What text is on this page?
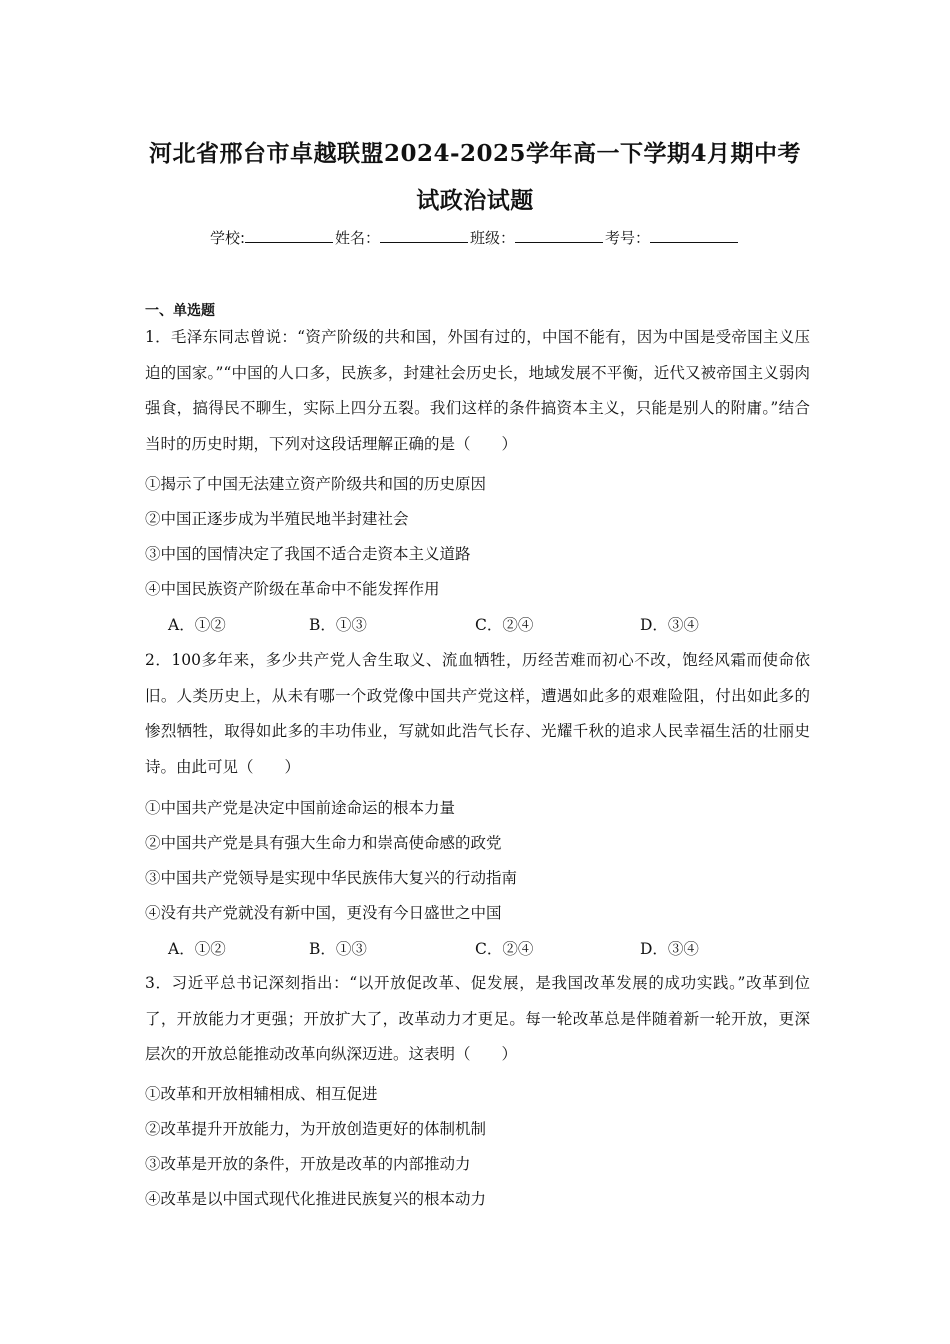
河北省邢台市卓越联盟2024-2025学年高一下学期4月期中考
试政治试题
学校:	姓名：	班级：	考号：
一、单选题
1．毛泽东同志曾说：“资产阶级的共和国，外国有过的，中国不能有，因为中国是受帝国主义压迫的国家。”“中国的人口多，民族多，封建社会历史长，地域发展不平衡，近代又被帝国主义弱肉强食，搞得民不聊生，实际上四分五裂。我们这样的条件搞资本主义，只能是别人的附庸。”结合当时的历史时期，下列对这段话理解正确的是（　　）
①揭示了中国无法建立资产阶级共和国的历史原因
②中国正逐步成为半殖民地半封建社会
③中国的国情决定了我国不适合走资本主义道路
④中国民族资产阶级在革命中不能发挥作用
A．①②	B．①③	C．②④	D．③④
2．100多年来，多少共产党人舍生取义、流血牺牲，历经苦难而初心不改，饱经风霜而使命依旧。人类历史上，从未有哪一个政党像中国共产党这样，遭遇如此多的艰难险阻，付出如此多的惨烈牺牲，取得如此多的丰功伟业，写就如此浩气长存、光耀千秋的追求人民幸福生活的壮丽史诗。由此可见（　　）
①中国共产党是决定中国前途命运的根本力量
②中国共产党是具有强大生命力和崇高使命感的政党
③中国共产党领导是实现中华民族伟大复兴的行动指南
④没有共产党就没有新中国，更没有今日盛世之中国
A．①②	B．①③	C．②④	D．③④
3．习近平总书记深刻指出：“以开放促改革、促发展，是我国改革发展的成功实践。”改革到位了，开放能力才更强；开放扩大了，改革动力才更足。每一轮改革总是伴随着新一轮开放，更深层次的开放总能推动改革向纵深迈进。这表明（　　）
①改革和开放相辅相成、相互促进
②改革提升开放能力，为开放创造更好的体制机制
③改革是开放的条件，开放是改革的内部推动力
④改革是以中国式现代化推进民族复兴的根本动力
